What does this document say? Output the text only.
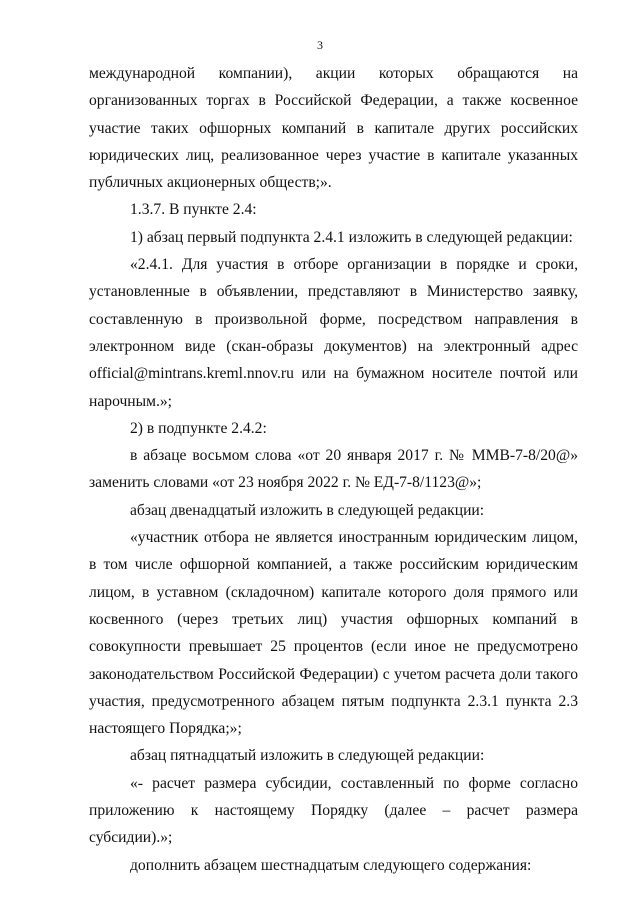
3

международной компании), акции которых обращаются на организованных торгах в Российской Федерации, а также косвенное участие таких офшорных компаний в капитале других российских юридических лиц, реализованное через участие в капитале указанных публичных акционерных обществ;».

1.3.7. В пункте 2.4:

1) абзац первый подпункта 2.4.1 изложить в следующей редакции:

«2.4.1. Для участия в отборе организации в порядке и сроки, установленные в объявлении, представляют в Министерство заявку, составленную в произвольной форме, посредством направления в электронном виде (скан-образы документов) на электронный адрес official@mintrans.kreml.nnov.ru или на бумажном носителе почтой или нарочным.»;

2) в подпункте 2.4.2:

в абзаце восьмом слова «от 20 января 2017 г. № ММВ-7-8/20@» заменить словами «от 23 ноября 2022 г. № ЕД-7-8/1123@»;

абзац двенадцатый изложить в следующей редакции:

«участник отбора не является иностранным юридическим лицом, в том числе офшорной компанией, а также российским юридическим лицом, в уставном (складочном) капитале которого доля прямого или косвенного (через третьих лиц) участия офшорных компаний в совокупности превышает 25 процентов (если иное не предусмотрено законодательством Российской Федерации) с учетом расчета доли такого участия, предусмотренного абзацем пятым подпункта 2.3.1 пункта 2.3 настоящего Порядка;»;

абзац пятнадцатый изложить в следующей редакции:

«- расчет размера субсидии, составленный по форме согласно приложению к настоящему Порядку (далее – расчет размера субсидии).»;

дополнить абзацем шестнадцатым следующего содержания:
